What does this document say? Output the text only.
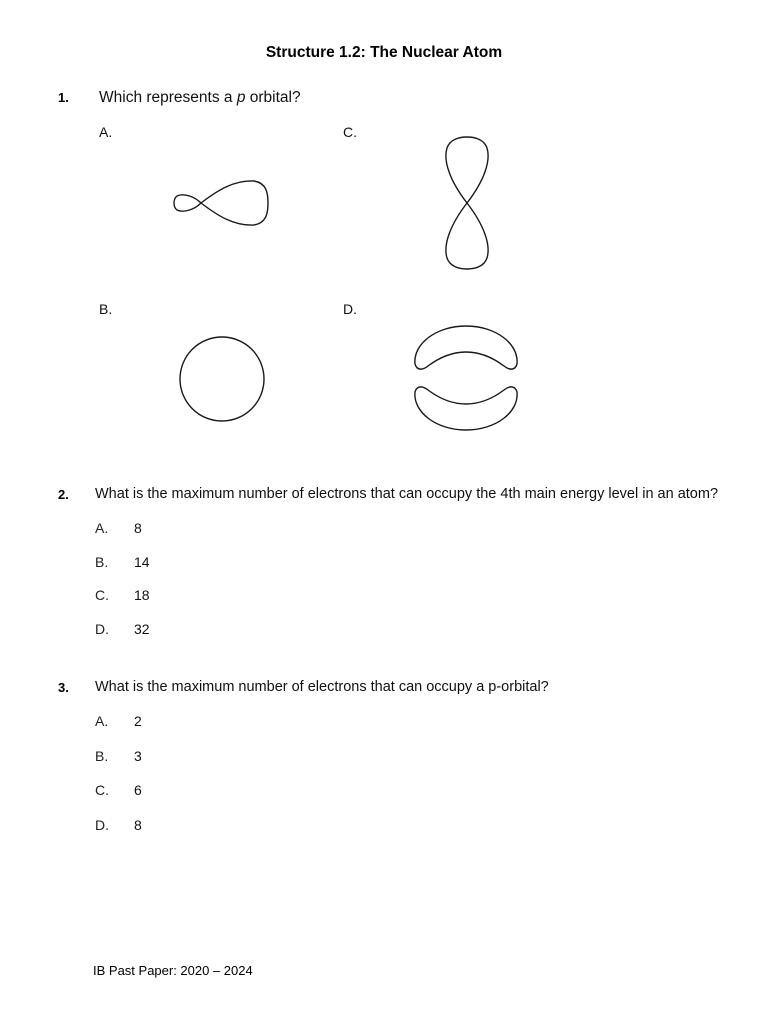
Structure 1.2: The Nuclear Atom
1. Which represents a p orbital?
A.	C.
B.	D.
2. What is the maximum number of electrons that can occupy the 4th main energy level in an atom?
A. 8
B. 14
C. 18
D. 32
3. What is the maximum number of electrons that can occupy a p-orbital?
A. 2
B. 3
C. 6
D. 8
IB Past Paper: 2020 – 2024
